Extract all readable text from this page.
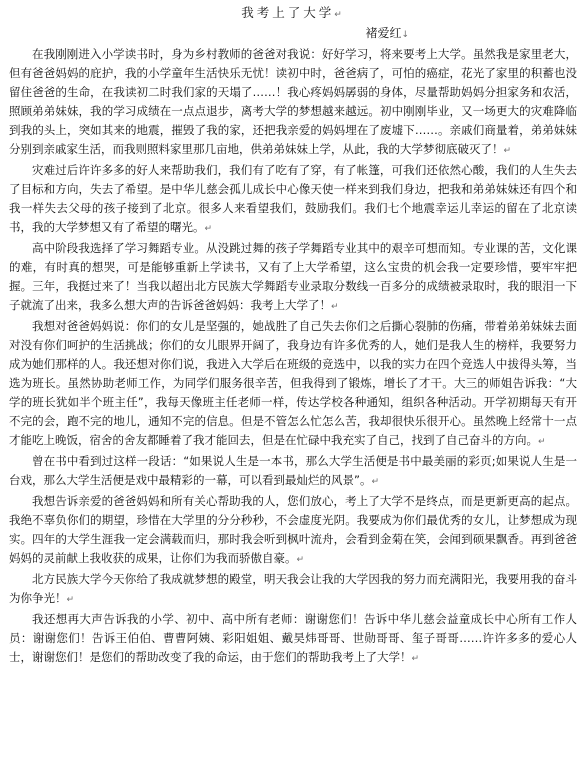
我考上了大学↵

褚爱红↓

在我刚刚进入小学读书时，身为乡村教师的爸爸对我说：好好学习，将来要考上大学。虽然我是家里老大，但有爸爸妈妈的庇护，我的小学童年生活快乐无忧！读初中时，爸爸病了，可怕的癌症，花光了家里的积蓄也没留住爸爸的生命，在我读初二时我们家的天塌了……！我心疼妈妈孱弱的身体，尽量帮助妈妈分担家务和农活，照顾弟弟妹妹，我的学习成绩在一点点退步，离考大学的梦想越来越远。初中刚刚毕业，又一场更大的灾难降临到我的头上，突如其来的地震，摧毁了我的家，还把我亲爱的妈妈埋在了废墟下……。亲戚们商量着，弟弟妹妹分别到亲戚家生活，而我则照料家里那几亩地，供弟弟妹妹上学，从此，我的大学梦彻底破灭了！↵

灾难过后许许多多的好人来帮助我们，我们有了吃有了穿，有了帐篷，可我们还依然心酸，我们的人生失去了目标和方向，失去了希望。是中华儿慈会孤儿成长中心像天使一样来到我们身边，把我和弟弟妹妹还有四个和我一样失去父母的孩子接到了北京。很多人来看望我们，鼓励我们。我们七个地震幸运儿幸运的留在了北京读书，我的大学梦想又有了希望的曙光。↵

高中阶段我选择了学习舞蹈专业。从没跳过舞的孩子学舞蹈专业其中的艰辛可想而知。专业课的苦，文化课的难，有时真的想哭，可是能够重新上学读书，又有了上大学希望，这么宝贵的机会我一定要珍惜，要牢牢把握。三年，我挺过来了！当我以超出北方民族大学舞蹈专业录取分数线一百多分的成绩被录取时，我的眼泪一下子就流了出来，我多么想大声的告诉爸爸妈妈：我考上大学了！↵

我想对爸爸妈妈说：你们的女儿是坚强的，她战胜了自己失去你们之后撕心裂肺的伤痛，带着弟弟妹妹去面对没有你们呵护的生活挑战；你们的女儿眼界开阔了，我身边有许多优秀的人，她们是我人生的榜样，我要努力成为她们那样的人。我还想对你们说，我进入大学后在班级的竞选中，以我的实力在四个竞选人中拔得头筹，当选为班长。虽然协助老师工作，为同学们服务很辛苦，但我得到了锻炼，增长了才干。大三的师姐告诉我：“大学的班长犹如半个班主任”，我每天像班主任老师一样，传达学校各种通知，组织各种活动。开学初期每天有开不完的会，跑不完的地儿，通知不完的信息。但是不管怎么忙怎么苦，我却很快乐很开心。虽然晚上经常十一点才能吃上晚饭，宿舍的舍友都睡着了我才能回去，但是在忙碌中我充实了自己，找到了自己奋斗的方向。↵

曾在书中看到过这样一段话：“如果说人生是一本书，那么大学生活便是书中最美丽的彩页;如果说人生是一台戏，那么大学生活便是戏中最精彩的一幕，可以看到最灿烂的风景”。↵

我想告诉亲爱的爸爸妈妈和所有关心帮助我的人，您们放心，考上了大学不是终点，而是更新更高的起点。我绝不辜负你们的期望，珍惜在大学里的分分秒秒，不会虚度光阴。我要成为你们最优秀的女儿，让梦想成为现实。四年的大学生涯我一定会满载而归，那时我会听到枫叶流舟，会看到金菊在笑，会闻到硕果飘香。再到爸爸妈妈的灵前献上我收获的成果，让你们为我而骄傲自豪。↵

北方民族大学今天你给了我成就梦想的殿堂，明天我会让我的大学因我的努力而充满阳光，我要用我的奋斗为你争光！↵

我还想再大声告诉我的小学、初中、高中所有老师：谢谢您们！告诉中华儿慈会益童成长中心所有工作人员：谢谢您们！告诉王伯伯、曹曹阿姨、彩阳姐姐、戴昊炜哥哥、世勋哥哥、玺子哥哥……许许多多的爱心人士，谢谢您们！是您们的帮助改变了我的命运，由于您们的帮助我考上了大学！↵
